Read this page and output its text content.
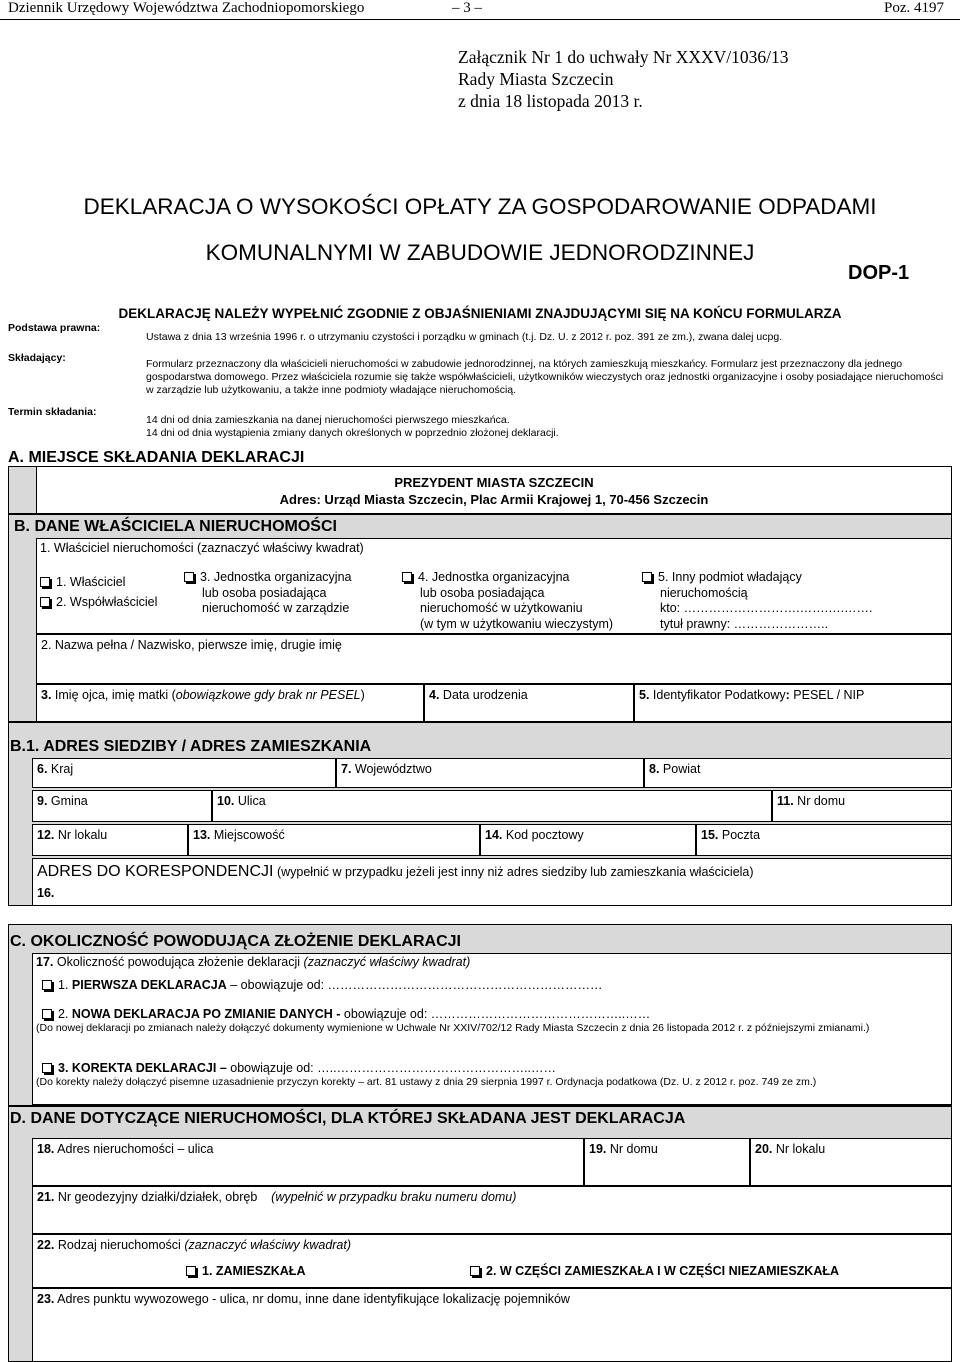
Dziennik Urzędowy Województwa Zachodniopomorskiego	– 3 –	Poz. 4197
Załącznik Nr 1 do uchwały Nr XXXV/1036/13
Rady Miasta Szczecin
z dnia 18 listopada 2013 r.
DEKLARACJA O WYSOKOŚCI OPŁATY ZA GOSPODAROWANIE ODPADAMI
KOMUNALNYMI W ZABUDOWIE JEDNORODZINNEJ
DOP-1
DEKLARACJĘ NALEŻY WYPEŁNIĆ ZGODNIE Z OBJAŚNIENIAMI ZNAJDUJĄCYMI SIĘ NA KOŃCU FORMULARZA
Podstawa prawna:
Ustawa z dnia 13 września 1996 r. o utrzymaniu czystości i porządku w gminach (t.j. Dz. U. z 2012 r. poz. 391 ze zm.), zwana dalej ucpg.
Składający:	Formularz przeznaczony dla właścicieli nieruchomości w zabudowie jednorodzinnej, na których zamieszkują mieszkańcy. Formularz jest przeznaczony dla jednego gospodarstwa domowego. Przez właściciela rozumie się także współwłaścicieli, użytkowników wieczystych oraz jednostki organizacyjne i osoby posiadające nieruchomości w zarządzie lub użytkowaniu, a także inne podmioty władające nieruchomością.
Termin składania:
14 dni od dnia zamieszkania na danej nieruchomości pierwszego mieszkańca.
14 dni od dnia wystąpienia zmiany danych określonych w poprzednio złożonej deklaracji.
A. MIEJSCE SKŁADANIA DEKLARACJI
PREZYDENT MIASTA SZCZECIN
Adres: Urząd Miasta Szczecin, Plac Armii Krajowej 1, 70-456 Szczecin
B. DANE WŁAŚCICIELA NIERUCHOMOŚCI
1. Właściciel nieruchomości (zaznaczyć właściwy kwadrat)
1. Właściciel
2. Współwłaściciel
3. Jednostka organizacyjna
lub osoba posiadająca
nieruchomość w zarządzie
4. Jednostka organizacyjna
lub osoba posiadająca
nieruchomość w użytkowaniu
(w tym w użytkowaniu wieczystym)
5. Inny podmiot władający
nieruchomością
kto: ……………………….…….….…….
tytuł prawny: …………………..
2. Nazwa pełna / Nazwisko, pierwsze imię, drugie imię
3. Imię ojca, imię matki (obowiązkowe gdy brak nr PESEL)	4. Data urodzenia	5. Identyfikator Podatkowy: PESEL / NIP
B.1. ADRES SIEDZIBY / ADRES ZAMIESZKANIA
6. Kraj	7. Województwo	8. Powiat
9. Gmina	10. Ulica	11. Nr domu
12. Nr lokalu	13. Miejscowość	14. Kod pocztowy	15. Poczta
ADRES DO KORESPONDENCJI (wypełnić w przypadku jeżeli jest inny niż adres siedziby lub zamieszkania właściciela)
16.
C. OKOLICZNOŚĆ POWODUJĄCA ZŁOŻENIE DEKLARACJI
17. Okoliczność powodująca złożenie deklaracji (zaznaczyć właściwy kwadrat)
1. PIERWSZA DEKLARACJA – obowiązuje od: …………………………………………………………
2. NOWA DEKLARACJA PO ZMIANIE DANYCH - obowiązuje od: ………………………………………..……
(Do nowej deklaracji po zmianach należy dołączyć dokumenty wymienione w Uchwale Nr XXIV/702/12 Rady Miasta Szczecin z dnia 26 listopada 2012 r. z późniejszymi zmianami.)
3. KOREKTA DEKLARACJI – obowiązuje od: …..………………………………………..……
(Do korekty należy dołączyć pisemne uzasadnienie przyczyn korekty – art. 81 ustawy z dnia 29 sierpnia 1997 r. Ordynacja podatkowa (Dz. U. z 2012 r. poz. 749 ze zm.)
D. DANE DOTYCZĄCE NIERUCHOMOŚCI, DLA KTÓREJ SKŁADANA JEST DEKLARACJA
18. Adres nieruchomości – ulica	19. Nr domu	20. Nr lokalu
21. Nr geodezyjny działki/działek, obręb    (wypełnić w przypadku braku numeru domu)
22. Rodzaj nieruchomości (zaznaczyć właściwy kwadrat)
1. ZAMIESZKAŁA	2. W CZĘŚCI ZAMIESZKAŁA I W CZĘŚCI NIEZAMIESZKAŁA
23. Adres punktu wywozowego - ulica, nr domu, inne dane identyfikujące lokalizację pojemników
